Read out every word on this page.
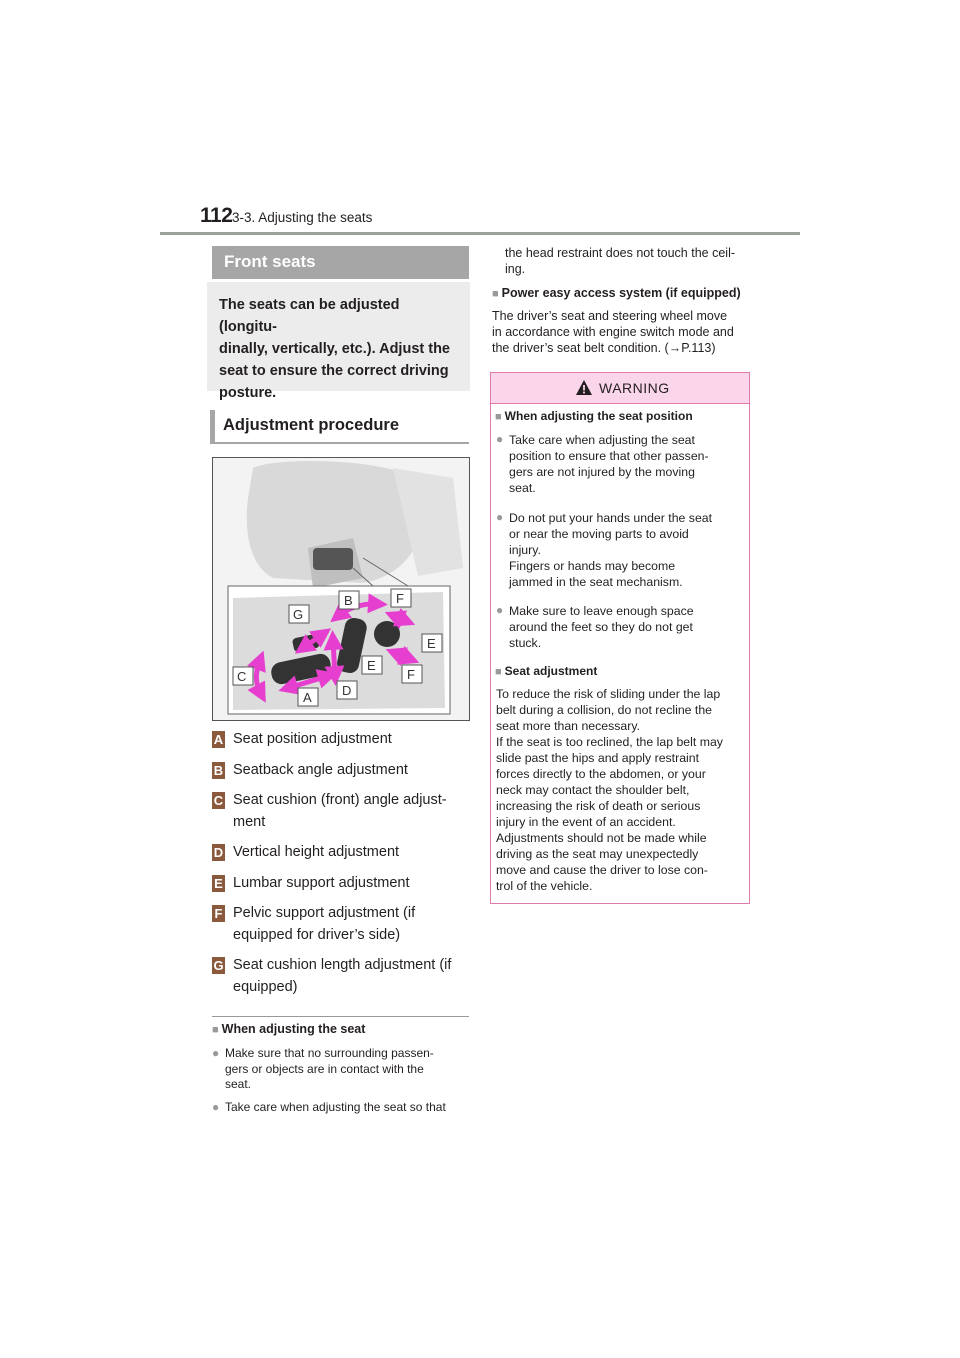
112 3-3. Adjusting the seats
Front seats
The seats can be adjusted (longitu-
dinally, vertically, etc.). Adjust the
seat to ensure the correct driving
posture.
Adjustment procedure
B	F
G
E
E
F
C
D
A
A Seat position adjustment
B Seatback angle adjustment
C Seat cushion (front) angle adjust-
ment
D Vertical height adjustment
E Lumbar support adjustment
F Pelvic support adjustment (if
equipped for driver’s side)
G Seat cushion length adjustment (if
equipped)
■ When adjusting the seat
● Make sure that no surrounding passen-
gers or objects are in contact with the
seat.
● Take care when adjusting the seat so that
the head restraint does not touch the ceil-
ing.
■ Power easy access system (if equipped)
The driver’s seat and steering wheel move
in accordance with engine switch mode and
the driver’s seat belt condition. (→P.113)
WARNING
■ When adjusting the seat position
● Take care when adjusting the seat
position to ensure that other passen-
gers are not injured by the moving
seat.
● Do not put your hands under the seat
or near the moving parts to avoid
injury.
Fingers or hands may become
jammed in the seat mechanism.
● Make sure to leave enough space
around the feet so they do not get
stuck.
■ Seat adjustment
To reduce the risk of sliding under the lap
belt during a collision, do not recline the
seat more than necessary.
If the seat is too reclined, the lap belt may
slide past the hips and apply restraint
forces directly to the abdomen, or your
neck may contact the shoulder belt,
increasing the risk of death or serious
injury in the event of an accident.
Adjustments should not be made while
driving as the seat may unexpectedly
move and cause the driver to lose con-
trol of the vehicle.
